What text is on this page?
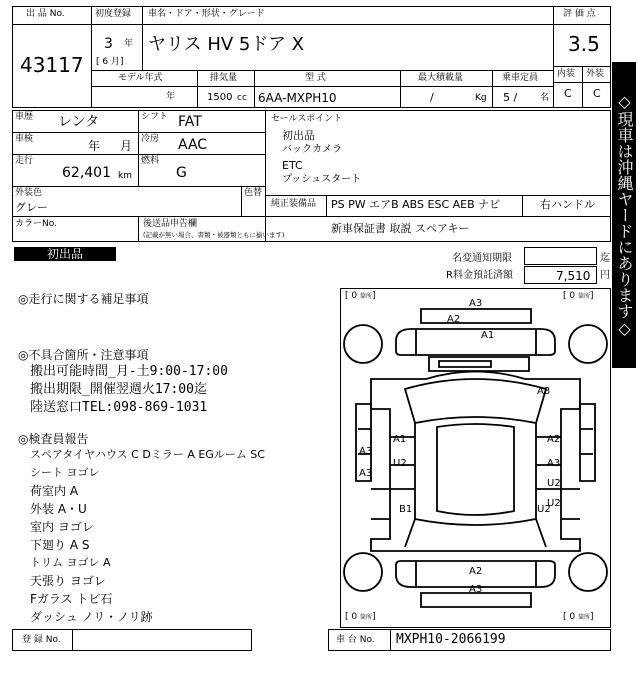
出 品 No.
43117
初度登録
3 年
[ 6 月]
車名・ドア・形状・グレード
ヤリス HV 5ドア X
評 価 点
3.5
内装 外装
C C
モデル年式
年
排気量
1500 cc
型 式
6AA-MXPH10
最大積載量
/	Kg
乗車定員
5 /	名
車歴 レンタ	シフト FAT
車検	年 月 冷房 AAC
走行
62,401 km
燃料
G
外装色
グレー
色替
カラーNo.	後送品申告欄
(記載が無い場合、書類・被器類ともに揃います)
セールスポイント
初出品
バックカメラ
ETC
プッシュスタート
純正装備品 PS PW エアB ABS ESC AEB ナビ	右ハンドル
新車保証書 取説 スペアキー
初出品	名変通知期限	迄
R料金預託済額	7,510 円 ◇現車は沖縄ヤードにあります◇
◎走行に関する補足事項
◎不具合箇所・注意事項
搬出可能時間_月-土9:00-17:00
搬出期限_開催翌週火17:00迄
陸送窓口TEL:098-869-1031
◎検査員報告
スペアタイヤハウス C Dミラー A EGルーム SC
シート ヨゴレ
荷室内 A
外装 A・U
室内 ヨゴレ
下廻り A S
トリム ヨゴレ A
天張り ヨゴレ
Fガラス トビ石
ダッシュ ノリ・ノリ跡
[ 0 箇所]	[ 0 箇所]
[ 0 箇所]	[ 0 箇所]
A3
A2
A1
A3
A3
A1	A2
A3
U2
A3
U2
U2
B1	U2
A2
A3
登 録 No.	車 台 No. MXPH10-2066199
